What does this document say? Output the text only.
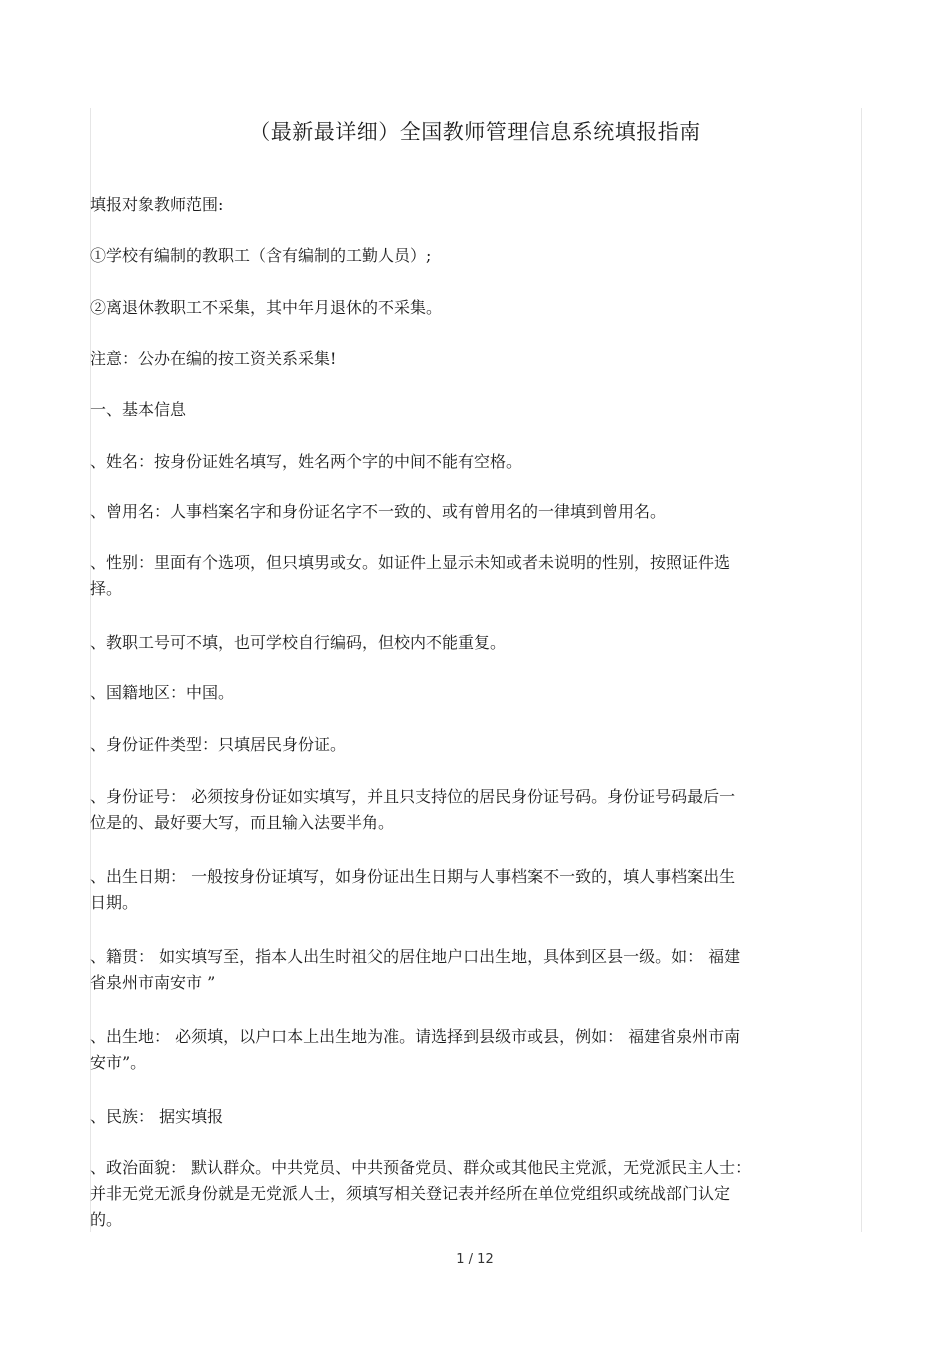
（最新最详细）全国教师管理信息系统填报指南

填报对象教师范围:

①学校有编制的教职工（含有编制的工勤人员）;

②离退休教职工不采集，其中年月退休的不采集。

注意：公办在编的按工资关系采集!

一、基本信息

、姓名：按身份证姓名填写，姓名两个字的中间不能有空格。

、曾用名：人事档案名字和身份证名字不一致的、或有曾用名的一律填到曾用名。

、性别：里面有个选项，但只填男或女。如证件上显示未知或者未说明的性别，按照证件选
择。

、教职工号可不填，也可学校自行编码，但校内不能重复。

、国籍地区：中国。

、身份证件类型：只填居民身份证。

、身份证号： 必须按身份证如实填写，并且只支持位的居民身份证号码。身份证号码最后一
位是的、最好要大写，而且输入法要半角。

、出生日期： 一般按身份证填写，如身份证出生日期与人事档案不一致的，填人事档案出生
日期。

、籍贯： 如实填写至，指本人出生时祖父的居住地户口出生地，具体到区县一级。如： 福建
省泉州市南安市 ”

、出生地： 必须填，以户口本上出生地为准。请选择到县级市或县，例如： 福建省泉州市南
安市”。

、民族： 据实填报

、政治面貌： 默认群众。中共党员、中共预备党员、群众或其他民主党派，无党派民主人士：
并非无党无派身份就是无党派人士，须填写相关登记表并经所在单位党组织或统战部门认定
的。

1 / 12
